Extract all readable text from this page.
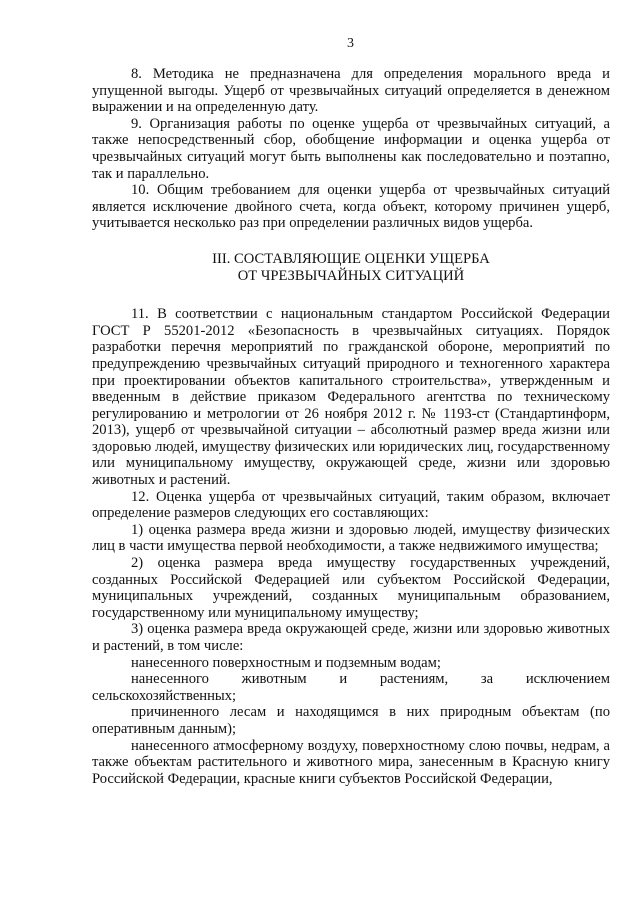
3

8. Методика не предназначена для определения морального вреда и упущенной выгоды. Ущерб от чрезвычайных ситуаций определяется в денежном выражении и на определенную дату.

9. Организация работы по оценке ущерба от чрезвычайных ситуаций, а также непосредственный сбор, обобщение информации и оценка ущерба от чрезвычайных ситуаций могут быть выполнены как последовательно и поэтапно, так и параллельно.

10. Общим требованием для оценки ущерба от чрезвычайных ситуаций является исключение двойного счета, когда объект, которому причинен ущерб, учитывается несколько раз при определении различных видов ущерба.

III. СОСТАВЛЯЮЩИЕ ОЦЕНКИ УЩЕРБА
ОТ ЧРЕЗВЫЧАЙНЫХ СИТУАЦИЙ

11. В соответствии с национальным стандартом Российской Федерации ГОСТ Р 55201-2012 «Безопасность в чрезвычайных ситуациях. Порядок разработки перечня мероприятий по гражданской обороне, мероприятий по предупреждению чрезвычайных ситуаций природного и техногенного характера при проектировании объектов капитального строительства», утвержденным и введенным в действие приказом Федерального агентства по техническому регулированию и метрологии от 26 ноября 2012 г. № 1193-ст (Стандартинформ, 2013), ущерб от чрезвычайной ситуации – абсолютный размер вреда жизни или здоровью людей, имуществу физических или юридических лиц, государственному или муниципальному имуществу, окружающей среде, жизни или здоровью животных и растений.

12. Оценка ущерба от чрезвычайных ситуаций, таким образом, включает определение размеров следующих его составляющих:

1) оценка размера вреда жизни и здоровью людей, имуществу физических лиц в части имущества первой необходимости, а также недвижимого имущества;

2) оценка размера вреда имуществу государственных учреждений, созданных Российской Федерацией или субъектом Российской Федерации, муниципальных учреждений, созданных муниципальным образованием, государственному или муниципальному имуществу;

3) оценка размера вреда окружающей среде, жизни или здоровью животных и растений, в том числе:

нанесенного поверхностным и подземным водам;

нанесенного животным и растениям, за исключением сельскохозяйственных;

причиненного лесам и находящимся в них природным объектам (по оперативным данным);

нанесенного атмосферному воздуху, поверхностному слою почвы, недрам, а также объектам растительного и животного мира, занесенным в Красную книгу Российской Федерации, красные книги субъектов Российской Федерации,
